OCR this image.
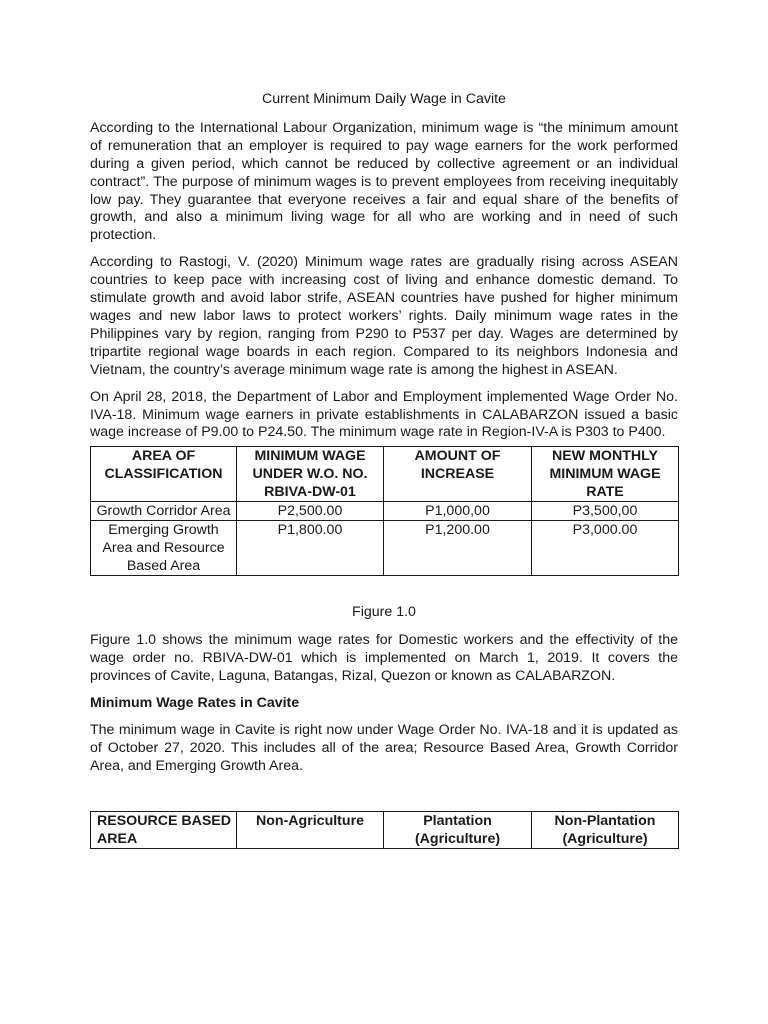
Current Minimum Daily Wage in Cavite

According to the International Labour Organization, minimum wage is “the minimum amount of remuneration that an employer is required to pay wage earners for the work performed during a given period, which cannot be reduced by collective agreement or an individual contract”. The purpose of minimum wages is to prevent employees from receiving inequitably low pay. They guarantee that everyone receives a fair and equal share of the benefits of growth, and also a minimum living wage for all who are working and in need of such protection.

According to Rastogi, V. (2020) Minimum wage rates are gradually rising across ASEAN countries to keep pace with increasing cost of living and enhance domestic demand. To stimulate growth and avoid labor strife, ASEAN countries have pushed for higher minimum wages and new labor laws to protect workers’ rights. Daily minimum wage rates in the Philippines vary by region, ranging from P290 to P537 per day. Wages are determined by tripartite regional wage boards in each region. Compared to its neighbors Indonesia and Vietnam, the country’s average minimum wage rate is among the highest in ASEAN.

On April 28, 2018, the Department of Labor and Employment implemented Wage Order No. IVA-18. Minimum wage earners in private establishments in CALABARZON issued a basic wage increase of P9.00 to P24.50. The minimum wage rate in Region-IV-A is P303 to P400.

AREA OF CLASSIFICATION	MINIMUM WAGE UNDER W.O. NO. RBIVA-DW-01	AMOUNT OF INCREASE	NEW MONTHLY MINIMUM WAGE RATE
Growth Corridor Area	P2,500.00	P1,000,00	P3,500,00
Emerging Growth Area and Resource Based Area	P1,800.00	P1,200.00	P3,000.00
Figure 1.0

Figure 1.0 shows the minimum wage rates for Domestic workers and the effectivity of the wage order no. RBIVA-DW-01 which is implemented on March 1, 2019. It covers the provinces of Cavite, Laguna, Batangas, Rizal, Quezon or known as CALABARZON.

Minimum Wage Rates in Cavite

The minimum wage in Cavite is right now under Wage Order No. IVA-18 and it is updated as of October 27, 2020. This includes all of the area; Resource Based Area, Growth Corridor Area, and Emerging Growth Area.

RESOURCE BASED AREA	Non-Agriculture	Plantation (Agriculture)	Non-Plantation (Agriculture)
